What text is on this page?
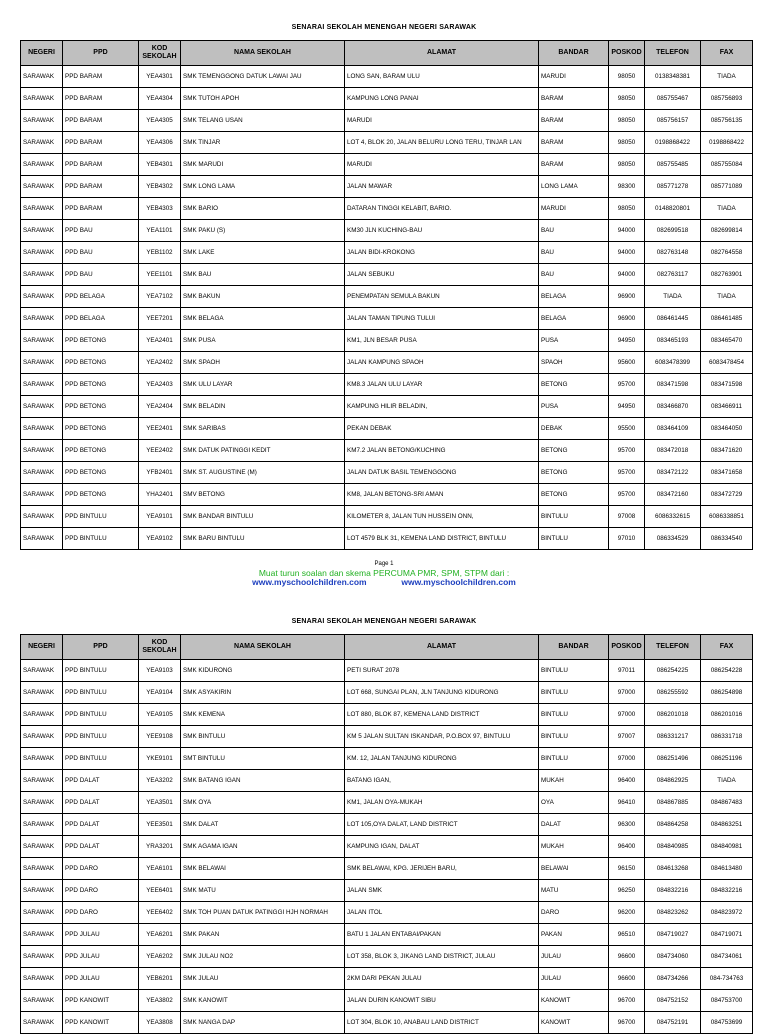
SENARAI SEKOLAH MENENGAH NEGERI SARAWAK
NEGERI	PPD	KOD SEKOLAH	NAMA SEKOLAH	ALAMAT	BANDAR	POSKOD	TELEFON	FAX
SARAWAK	PPD BARAM	YEA4301	SMK TEMENGGONG DATUK LAWAI JAU	LONG SAN, BARAM ULU	MARUDI	98050	0138348381	TIADA
SARAWAK	PPD BARAM	YEA4304	SMK TUTOH APOH	KAMPUNG LONG PANAI	BARAM	98050	085755467	085756893
SARAWAK	PPD BARAM	YEA4305	SMK TELANG USAN	MARUDI	BARAM	98050	085756157	085756135
SARAWAK	PPD BARAM	YEA4306	SMK TINJAR	LOT 4, BLOK 20, JALAN BELURU LONG TERU, TINJAR LAN	BARAM	98050	0198868422	0198868422
SARAWAK	PPD BARAM	YEB4301	SMK MARUDI	MARUDI	BARAM	98050	085755485	085755084
SARAWAK	PPD BARAM	YEB4302	SMK LONG LAMA	JALAN MAWAR	LONG LAMA	98300	085771278	085771089
SARAWAK	PPD BARAM	YEB4303	SMK BARIO	DATARAN TINGGI KELABIT, BARIO.	MARUDI	98050	0148820801	TIADA
SARAWAK	PPD BAU	YEA1101	SMK PAKU (S)	KM30 JLN KUCHING-BAU	BAU	94000	082699518	082699814
SARAWAK	PPD BAU	YEB1102	SMK LAKE	JALAN BIDI-KROKONG	BAU	94000	082763148	082764558
SARAWAK	PPD BAU	YEE1101	SMK BAU	JALAN SEBUKU	BAU	94000	082763117	082763901
SARAWAK	PPD BELAGA	YEA7102	SMK BAKUN	PENEMPATAN SEMULA BAKUN	BELAGA	96900	TIADA	TIADA
SARAWAK	PPD BELAGA	YEE7201	SMK BELAGA	JALAN TAMAN TIPUNG TULUI	BELAGA	96900	086461445	086461485
SARAWAK	PPD BETONG	YEA2401	SMK PUSA	KM1, JLN BESAR PUSA	PUSA	94950	083465193	083465470
SARAWAK	PPD BETONG	YEA2402	SMK SPAOH	JALAN KAMPUNG SPAOH	SPAOH	95600	6083478399	6083478454
SARAWAK	PPD BETONG	YEA2403	SMK ULU LAYAR	KM8.3 JALAN ULU LAYAR	BETONG	95700	083471598	083471598
SARAWAK	PPD BETONG	YEA2404	SMK BELADIN	KAMPUNG HILIR BELADIN,	PUSA	94950	083466870	083466911
SARAWAK	PPD BETONG	YEE2401	SMK SARIBAS	PEKAN DEBAK	DEBAK	95500	083464109	083464050
SARAWAK	PPD BETONG	YEE2402	SMK DATUK PATINGGI KEDIT	KM7.2 JALAN BETONG/KUCHING	BETONG	95700	083472018	083471620
SARAWAK	PPD BETONG	YFB2401	SMK ST. AUGUSTINE (M)	JALAN DATUK BASIL TEMENGGONG	BETONG	95700	083472122	083471658
SARAWAK	PPD BETONG	YHA2401	SMV BETONG	KM8, JALAN BETONG-SRI AMAN	BETONG	95700	083472160	083472729
SARAWAK	PPD BINTULU	YEA9101	SMK BANDAR BINTULU	KILOMETER 8, JALAN TUN HUSSEIN ONN,	BINTULU	97008	6086332615	6086338851
SARAWAK	PPD BINTULU	YEA9102	SMK BARU BINTULU	LOT 4579 BLK 31, KEMENA LAND DISTRICT, BINTULU	BINTULU	97010	086334529	086334540
Page 1
Muat turun soalan dan skema PERCUMA PMR, SPM, STPM dari :
www.myschoolchildren.com	www.myschoolchildren.com
SENARAI SEKOLAH MENENGAH NEGERI SARAWAK
NEGERI	PPD	KOD SEKOLAH	NAMA SEKOLAH	ALAMAT	BANDAR	POSKOD	TELEFON	FAX
SARAWAK	PPD BINTULU	YEA9103	SMK KIDURONG	PETI SURAT 2078	BINTULU	97011	086254225	086254228
SARAWAK	PPD BINTULU	YEA9104	SMK ASYAKIRIN	LOT 668, SUNGAI PLAN, JLN TANJUNG KIDURONG	BINTULU	97000	086255592	086254898
SARAWAK	PPD BINTULU	YEA9105	SMK KEMENA	LOT 880, BLOK 87, KEMENA LAND DISTRICT	BINTULU	97000	086201018	086201016
SARAWAK	PPD BINTULU	YEE9108	SMK BINTULU	KM 5 JALAN SULTAN ISKANDAR, P.O.BOX 97, BINTULU	BINTULU	97007	086331217	086331718
SARAWAK	PPD BINTULU	YKE9101	SMT BINTULU	KM. 12, JALAN TANJUNG KIDURONG	BINTULU	97000	086251496	086251196
SARAWAK	PPD DALAT	YEA3202	SMK BATANG IGAN	BATANG IGAN,	MUKAH	96400	084862925	TIADA
SARAWAK	PPD DALAT	YEA3501	SMK OYA	KM1, JALAN OYA-MUKAH	OYA	96410	084867885	084867483
SARAWAK	PPD DALAT	YEE3501	SMK DALAT	LOT 105,OYA DALAT, LAND DISTRICT	DALAT	96300	084864258	084863251
SARAWAK	PPD DALAT	YRA3201	SMK AGAMA IGAN	KAMPUNG IGAN, DALAT	MUKAH	96400	084840985	084840981
SARAWAK	PPD DARO	YEA6101	SMK BELAWAI	SMK BELAWAI, KPG. JERIJEH BARU,	BELAWAI	96150	084613268	084613480
SARAWAK	PPD DARO	YEE6401	SMK MATU	JALAN SMK	MATU	96250	084832216	084832216
SARAWAK	PPD DARO	YEE6402	SMK TOH PUAN DATUK PATINGGI HJH NORMAH	JALAN ITOL	DARO	96200	084823262	084823972
SARAWAK	PPD JULAU	YEA6201	SMK PAKAN	BATU 1 JALAN ENTABAI/PAKAN	PAKAN	96510	084719027	084719071
SARAWAK	PPD JULAU	YEA6202	SMK JULAU NO2	LOT 358, BLOK 3, JIKANG LAND DISTRICT, JULAU	JULAU	96600	084734060	084734061
SARAWAK	PPD JULAU	YEB6201	SMK JULAU	2KM DARI PEKAN JULAU	JULAU	96600	084734266	084-734763
SARAWAK	PPD KANOWIT	YEA3802	SMK KANOWIT	JALAN DURIN KANOWIT SIBU	KANOWIT	96700	084752152	084753700
SARAWAK	PPD KANOWIT	YEA3808	SMK NANGA DAP	LOT 304, BLOK 10, ANABAU LAND DISTRICT	KANOWIT	96700	084752191	084753699
